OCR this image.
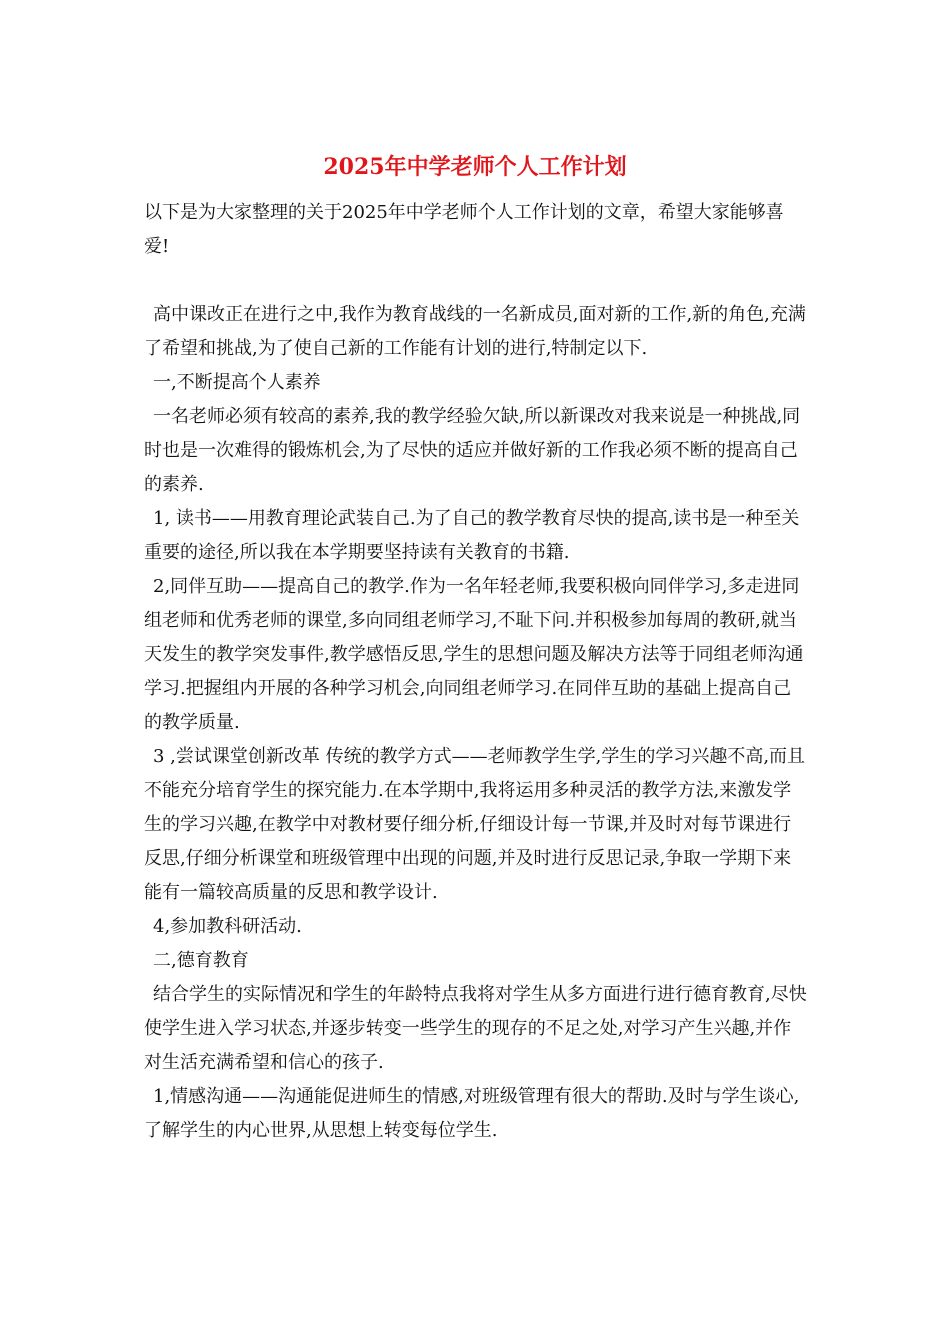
2025年中学老师个人工作计划

以下是为大家整理的关于2025年中学老师个人工作计划的文章，希望大家能够喜爱!

高中课改正在进行之中,我作为教育战线的一名新成员,面对新的工作,新的角色,充满了希望和挑战,为了使自己新的工作能有计划的进行,特制定以下.

一,不断提高个人素养

一名老师必须有较高的素养,我的教学经验欠缺,所以新课改对我来说是一种挑战,同时也是一次难得的锻炼机会,为了尽快的适应并做好新的工作我必须不断的提高自己的素养.

1, 读书——用教育理论武装自己.为了自己的教学教育尽快的提高,读书是一种至关重要的途径,所以我在本学期要坚持读有关教育的书籍.

2,同伴互助——提高自己的教学.作为一名年轻老师,我要积极向同伴学习,多走进同组老师和优秀老师的课堂,多向同组老师学习,不耻下问.并积极参加每周的教研,就当天发生的教学突发事件,教学感悟反思,学生的思想问题及解决方法等于同组老师沟通学习.把握组内开展的各种学习机会,向同组老师学习.在同伴互助的基础上提高自己的教学质量.

3 ,尝试课堂创新改革 传统的教学方式——老师教学生学,学生的学习兴趣不高,而且不能充分培育学生的探究能力.在本学期中,我将运用多种灵活的教学方法,来激发学生的学习兴趣,在教学中对教材要仔细分析,仔细设计每一节课,并及时对每节课进行反思,仔细分析课堂和班级管理中出现的问题,并及时进行反思记录,争取一学期下来能有一篇较高质量的反思和教学设计.

4,参加教科研活动.

二,德育教育

结合学生的实际情况和学生的年龄特点我将对学生从多方面进行进行德育教育,尽快使学生进入学习状态,并逐步转变一些学生的现存的不足之处,对学习产生兴趣,并作对生活充满希望和信心的孩子.

1,情感沟通——沟通能促进师生的情感,对班级管理有很大的帮助.及时与学生谈心,了解学生的内心世界,从思想上转变每位学生.
